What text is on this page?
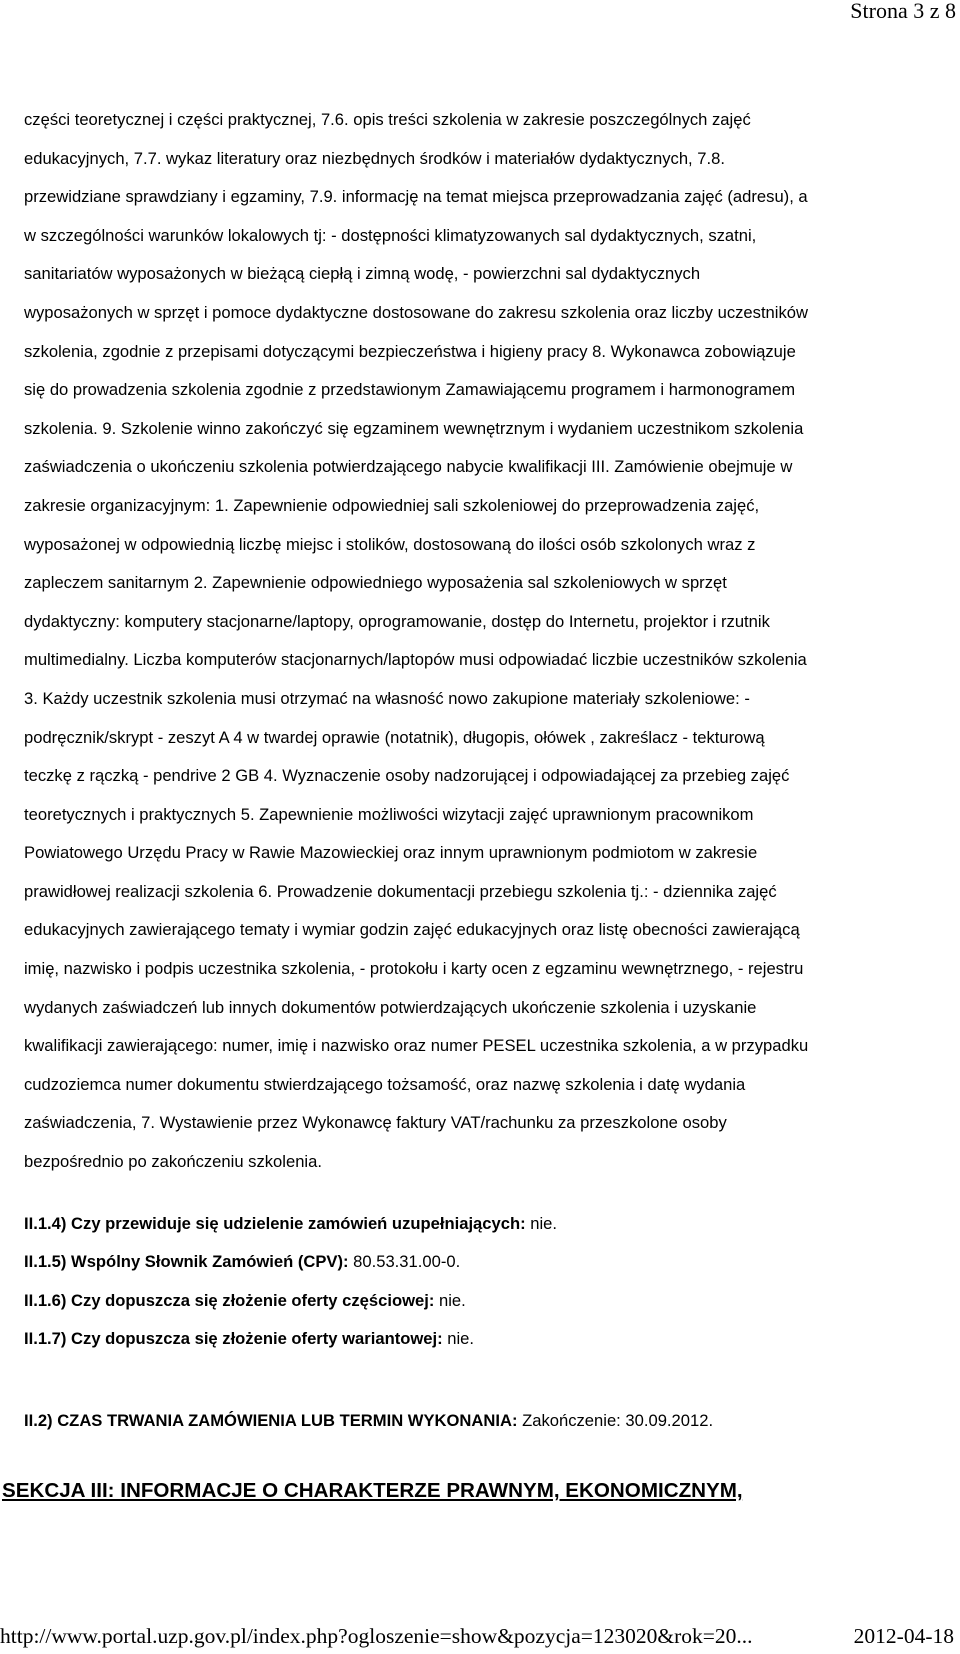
Strona 3 z 8
części teoretycznej i części praktycznej, 7.6. opis treści szkolenia w zakresie poszczególnych zajęć
edukacyjnych, 7.7. wykaz literatury oraz niezbędnych środków i materiałów dydaktycznych, 7.8.
przewidziane sprawdziany i egzaminy, 7.9. informację na temat miejsca przeprowadzania zajęć (adresu), a
w szczególności warunków lokalowych tj: - dostępności klimatyzowanych sal dydaktycznych, szatni,
sanitariatów wyposażonych w bieżącą ciepłą i zimną wodę, - powierzchni sal dydaktycznych
wyposażonych w sprzęt i pomoce dydaktyczne dostosowane do zakresu szkolenia oraz liczby uczestników
szkolenia, zgodnie z przepisami dotyczącymi bezpieczeństwa i higieny pracy 8. Wykonawca zobowiązuje
się do prowadzenia szkolenia zgodnie z przedstawionym Zamawiającemu programem i harmonogramem
szkolenia. 9. Szkolenie winno zakończyć się egzaminem wewnętrznym i wydaniem uczestnikom szkolenia
zaświadczenia o ukończeniu szkolenia potwierdzającego nabycie kwalifikacji III. Zamówienie obejmuje w
zakresie organizacyjnym: 1. Zapewnienie odpowiedniej sali szkoleniowej do przeprowadzenia zajęć,
wyposażonej w odpowiednią liczbę miejsc i stolików, dostosowaną do ilości osób szkolonych wraz z
zapleczem sanitarnym 2. Zapewnienie odpowiedniego wyposażenia sal szkoleniowych w sprzęt
dydaktyczny: komputery stacjonarne/laptopy, oprogramowanie, dostęp do Internetu, projektor i rzutnik
multimedialny. Liczba komputerów stacjonarnych/laptopów musi odpowiadać liczbie uczestników szkolenia
3. Każdy uczestnik szkolenia musi otrzymać na własność nowo zakupione materiały szkoleniowe: -
podręcznik/skrypt - zeszyt A 4 w twardej oprawie (notatnik), długopis, ołówek , zakreślacz - tekturową
teczkę z rączką - pendrive 2 GB 4. Wyznaczenie osoby nadzorującej i odpowiadającej za przebieg zajęć
teoretycznych i praktycznych 5. Zapewnienie możliwości wizytacji zajęć uprawnionym pracownikom
Powiatowego Urzędu Pracy w Rawie Mazowieckiej oraz innym uprawnionym podmiotom w zakresie
prawidłowej realizacji szkolenia 6. Prowadzenie dokumentacji przebiegu szkolenia tj.: - dziennika zajęć
edukacyjnych zawierającego tematy i wymiar godzin zajęć edukacyjnych oraz listę obecności zawierającą
imię, nazwisko i podpis uczestnika szkolenia, - protokołu i karty ocen z egzaminu wewnętrznego, - rejestru
wydanych zaświadczeń lub innych dokumentów potwierdzających ukończenie szkolenia i uzyskanie
kwalifikacji zawierającego: numer, imię i nazwisko oraz numer PESEL uczestnika szkolenia, a w przypadku
cudzoziemca numer dokumentu stwierdzającego tożsamość, oraz nazwę szkolenia i datę wydania
zaświadczenia, 7. Wystawienie przez Wykonawcę faktury VAT/rachunku za przeszkolone osoby
bezpośrednio po zakończeniu szkolenia.
II.1.4) Czy przewiduje się udzielenie zamówień uzupełniających: nie.
II.1.5) Wspólny Słownik Zamówień (CPV): 80.53.31.00-0.
II.1.6) Czy dopuszcza się złożenie oferty częściowej: nie.
II.1.7) Czy dopuszcza się złożenie oferty wariantowej: nie.
II.2) CZAS TRWANIA ZAMÓWIENIA LUB TERMIN WYKONANIA: Zakończenie: 30.09.2012.
SEKCJA III: INFORMACJE O CHARAKTERZE PRAWNYM, EKONOMICZNYM,
http://www.portal.uzp.gov.pl/index.php?ogloszenie=show&pozycja=123020&rok=20...	2012-04-18
